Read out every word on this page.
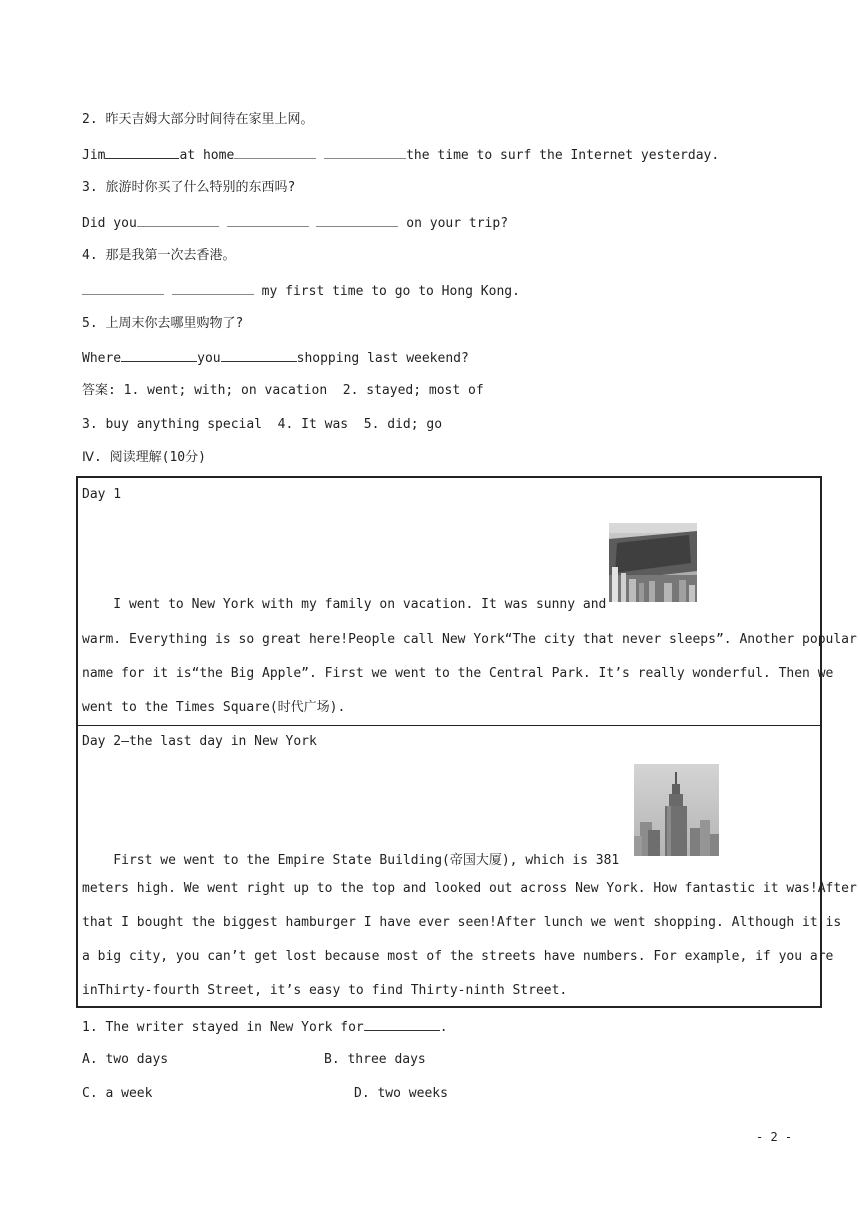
2. 昨天吉姆大部分时间待在家里上网。
Jim	at home	the time to surf the Internet yesterday.
3. 旅游时你买了什么特别的东西吗?
Did you	on your trip?
4. 那是我第一次去香港。
my first time to go to Hong Kong.
5. 上周末你去哪里购物了?
Where	you	shopping last weekend?
答案: 1. went; with; on vacation  2. stayed; most of
3. buy anything special  4. It was  5. did; go
Ⅳ. 阅读理解(10分)
Day 1
I went to New York with my family on vacation. It was sunny and
warm. Everything is so great here!People call New York“The city that never sleeps”. Another popular
name for it is“the Big Apple”. First we went to the Central Park. It’s really wonderful. Then we
went to the Times Square(时代广场).
Day 2—the last day in New York
First we went to the Empire State Building(帝国大厦), which is 381
meters high. We went right up to the top and looked out across New York. How fantastic it was!After
that I bought the biggest hamburger I have ever seen!After lunch we went shopping. Although it is
a big city, you can’t get lost because most of the streets have numbers. For example, if you are
inThirty-fourth Street, it’s easy to find Thirty-ninth Street.
1. The writer stayed in New York for	.
A. two days	B. three days
C. a week	D. two weeks
- 2 -
